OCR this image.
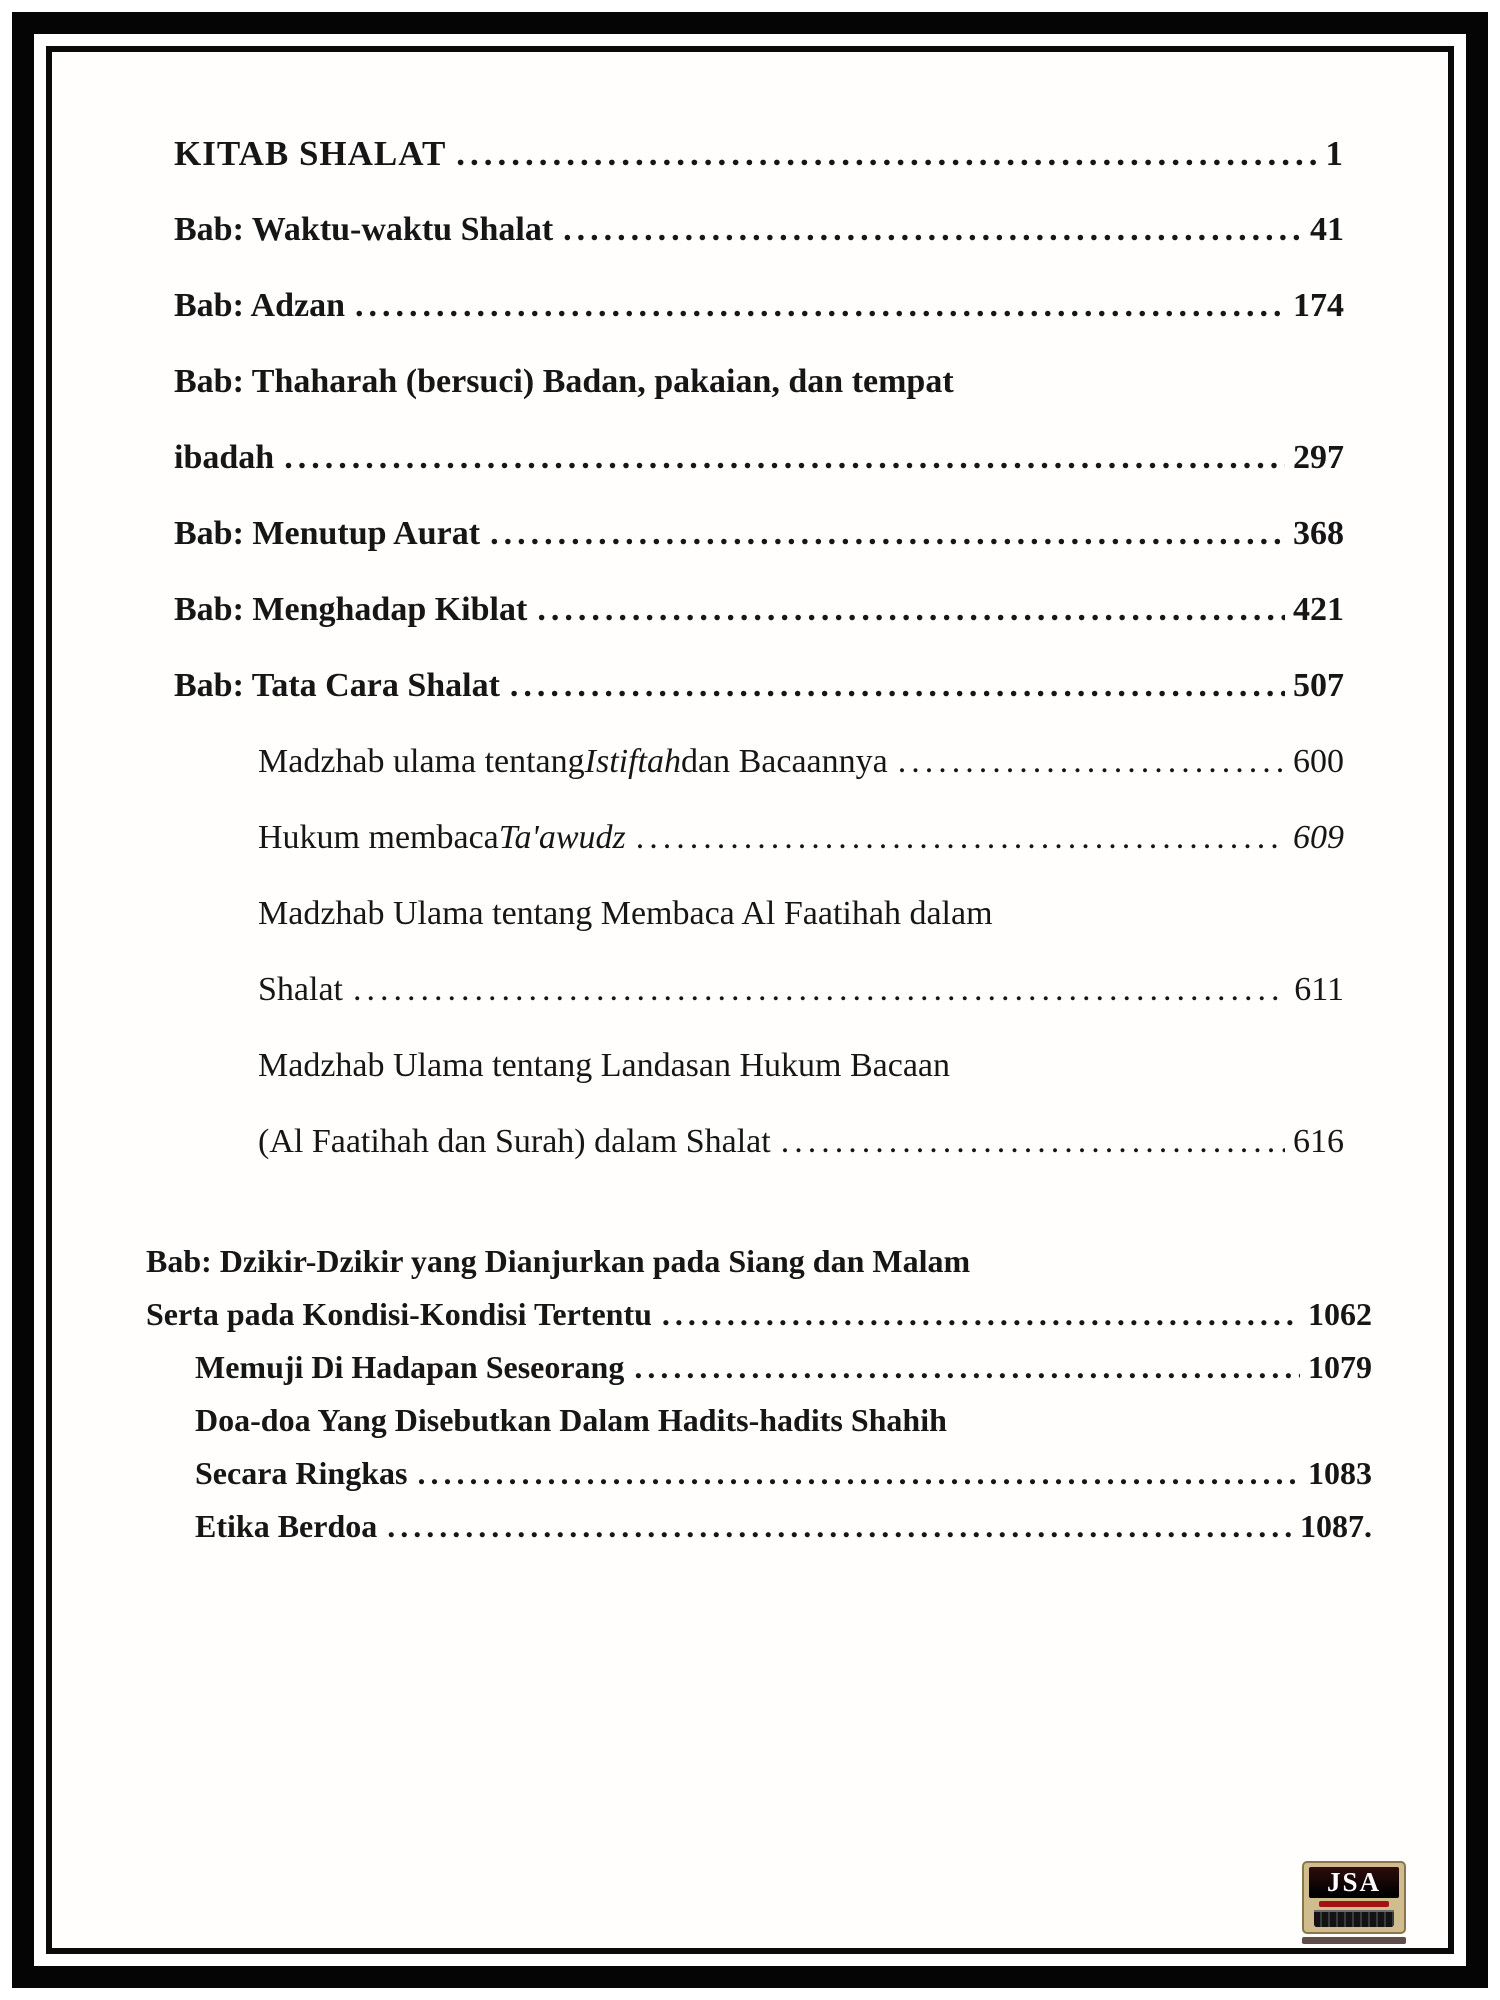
KITAB SHALAT .....	1
Bab: Waktu-waktu Shalat .....	41
Bab: Adzan .....	174
Bab: Thaharah (bersuci) Badan, pakaian, dan tempat
ibadah .....	297
Bab: Menutup Aurat .....	368
Bab: Menghadap Kiblat .....	421
Bab: Tata Cara Shalat .....	507
Madzhab ulama tentang Istiftah dan Bacaannya .....	600
Hukum membaca Ta'awudz .....	609
Madzhab Ulama tentang Membaca Al Faatihah dalam
Shalat .....	611
Madzhab Ulama tentang Landasan Hukum Bacaan
(Al Faatihah dan Surah) dalam Shalat .....	616
Bab: Dzikir-Dzikir yang Dianjurkan pada Siang dan Malam
Serta pada Kondisi-Kondisi Tertentu .....	1062
Memuji Di Hadapan Seseorang .....	1079
Doa-doa Yang Disebutkan Dalam Hadits-hadits Shahih
Secara Ringkas .....	1083
Etika Berdoa .....	1087.
JSA
